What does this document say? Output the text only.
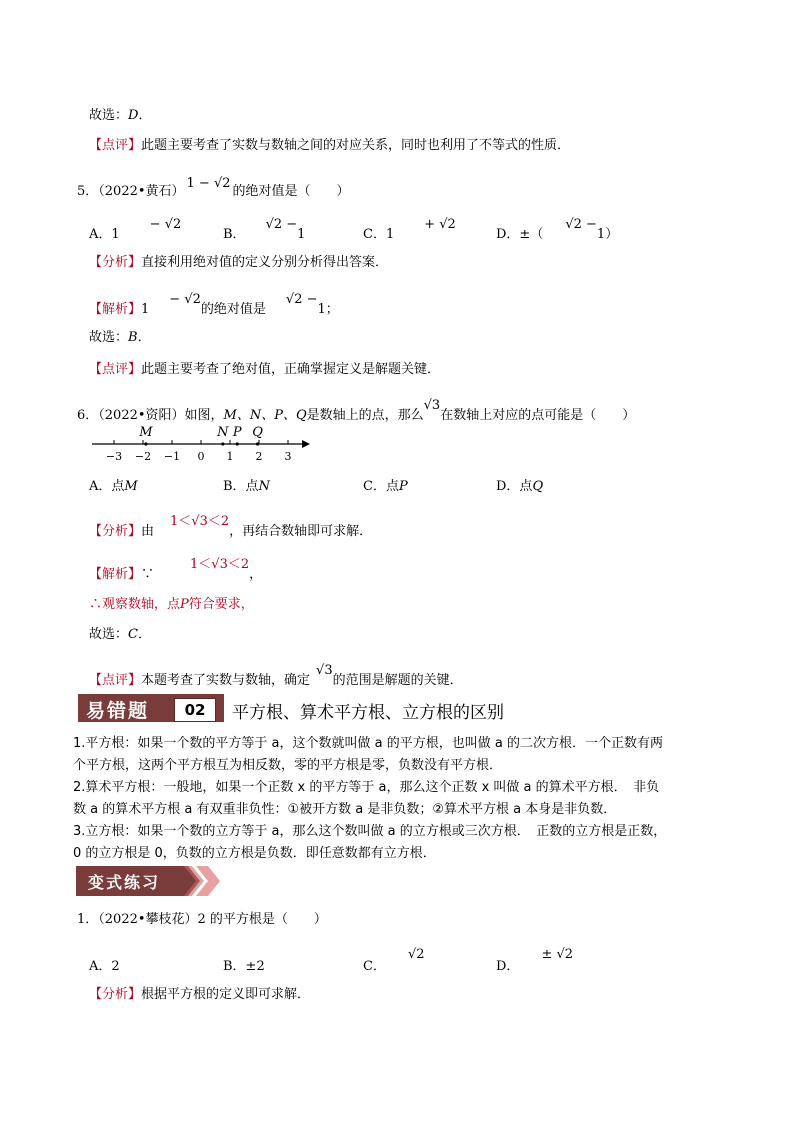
故选：D．
【点评】此题主要考查了实数与数轴之间的对应关系，同时也利用了不等式的性质．
5．（2022•黄石）1 − √2的绝对值是（　　）
A．1− √2
B．√2 −1	C．1+ √2
D．±（√2 −1）
【分析】直接利用绝对值的定义分别分析得出答案．
【解析】1− √2的绝对值是√2 −1；
故选：B．
【点评】此题主要考查了绝对值，正确掌握定义是解题关键．
6．（2022•资阳）如图，M、N、P、Q是数轴上的点，那么√3在数轴上对应的点可能是（　　）
−3 −2 −1 0 1 2 3
M	N P Q
A．点M	B．点N	C．点P	D．点Q
【分析】由1＜√3＜2，再结合数轴即可求解．
【解析】∵1＜√3＜2，
∴观察数轴，点P符合要求，
故选：C．
【点评】本题考查了实数与数轴，确定√3的范围是解题的关键．
易错题	02	平方根、算术平方根、立方根的区别
1.平方根：如果一个数的平方等于 a，这个数就叫做 a 的平方根，也叫做 a 的二次方根．一个正数有两
个平方根，这两个平方根互为相反数，零的平方根是零，负数没有平方根．
2.算术平方根：一般地，如果一个正数 x 的平方等于 a，那么这个正数 x 叫做 a 的算术平方根．　非负
数 a 的算术平方根 a 有双重非负性：①被开方数 a 是非负数；②算术平方根 a 本身是非负数．
3.立方根：如果一个数的立方等于 a，那么这个数叫做 a 的立方根或三次方根．　正数的立方根是正数，
0 的立方根是 0，负数的立方根是负数．即任意数都有立方根．
变式练习
1．（2022•攀枝花）2 的平方根是（　　）
A．2	B．±2	C．√2
D．± √2
【分析】根据平方根的定义即可求解．
